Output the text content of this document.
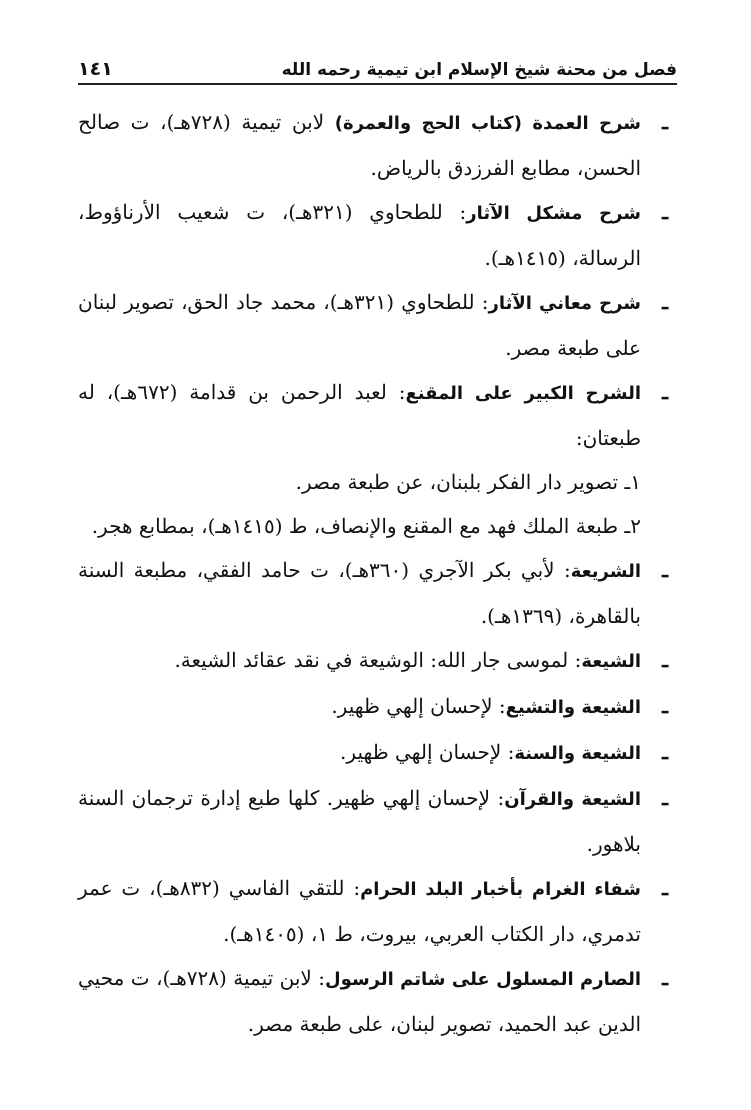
فصل من محنة شيخ الإسلام ابن تيمية رحمه الله
١٤١

ـ
شرح العمدة (كتاب الحج والعمرة) لابن تيمية (٧٢٨هـ)، ت صالح الحسن، مطابع الفرزدق بالرياض.

ـ
شرح مشكل الآثار: للطحاوي (٣٢١هـ)، ت شعيب الأرناؤوط، الرسالة، (١٤١٥هـ).

ـ
شرح معاني الآثار: للطحاوي (٣٢١هـ)، محمد جاد الحق، تصوير لبنان على طبعة مصر.

ـ
الشرح الكبير على المقنع: لعبد الرحمن بن قدامة (٦٧٢هـ)، له طبعتان:

١ـ تصوير دار الفكر بلبنان، عن طبعة مصر.

٢ـ طبعة الملك فهد مع المقنع والإنصاف، ط (١٤١٥هـ)، بمطابع هجر.

ـ
الشريعة: لأبي بكر الآجري (٣٦٠هـ)، ت حامد الفقي، مطبعة السنة بالقاهرة، (١٣٦٩هـ).

ـ
الشيعة: لموسى جار الله: الوشيعة في نقد عقائد الشيعة.

ـ
الشيعة والتشيع: لإحسان إلهي ظهير.

ـ
الشيعة والسنة: لإحسان إلهي ظهير.

ـ
الشيعة والقرآن: لإحسان إلهي ظهير. كلها طبع إدارة ترجمان السنة بلاهور.

ـ
شفاء الغرام بأخبار البلد الحرام: للتقي الفاسي (٨٣٢هـ)، ت عمر تدمري، دار الكتاب العربي، بيروت، ط ١، (١٤٠٥هـ).

ـ
الصارم المسلول على شاتم الرسول: لابن تيمية (٧٢٨هـ)، ت محيي الدين عبد الحميد، تصوير لبنان، على طبعة مصر.
